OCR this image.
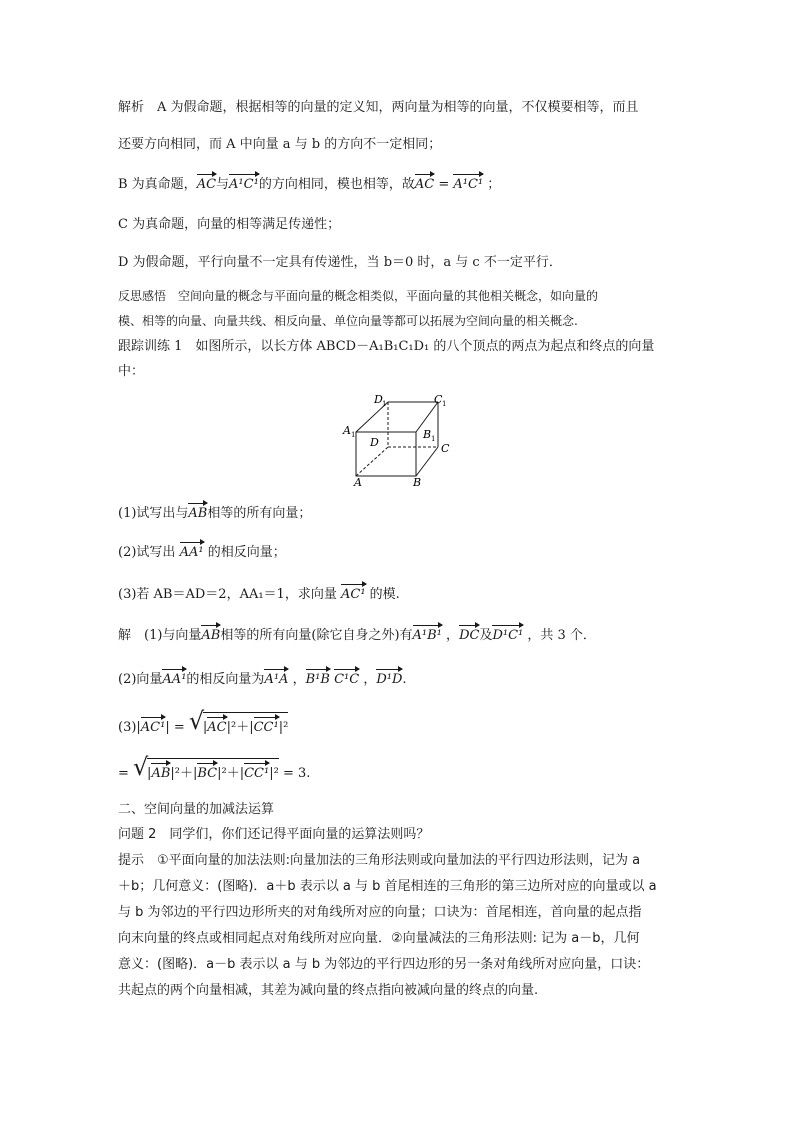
解析　A 为假命题，根据相等的向量的定义知，两向量为相等的向量，不仅模要相等，而且
还要方向相同，而 A 中向量 a 与 b 的方向不一定相同；
B 为真命题，AC与A¹C¹的方向相同，模也相等，故AC = A¹C¹ ；
C 为真命题，向量的相等满足传递性；
D 为假命题，平行向量不一定具有传递性，当 b＝0 时，a 与 c 不一定平行．
反思感悟　空间向量的概念与平面向量的概念相类似，平面向量的其他相关概念，如向量的
模、相等的向量、向量共线、相反向量、单位向量等都可以拓展为空间向量的相关概念.
跟踪训练 1　如图所示，以长方体 ABCD－A₁B₁C₁D₁ 的八个顶点的两点为起点和终点的向量
中：
D 1	C 1
A 1
D
B 1
C
A	B
(1)试写出与AB相等的所有向量；
(2)试写出 AA¹ 的相反向量；
(3)若 AB＝AD＝2，AA₁＝1，求向量 AC¹ 的模.
解　(1)与向量AB相等的所有向量(除它自身之外)有A¹B¹ ，DC及D¹C¹ ，共 3 个．
(2)向量AA¹的相反向量为A¹A ，B¹B C¹C ，D¹D.
(3)|AC¹| = √
|AC|²＋|CC¹|²
= √
|AB|²＋|BC|²＋|CC¹|² = 3.
二、空间向量的加减法运算
问题 2　同学们，你们还记得平面向量的运算法则吗？
提示　①平面向量的加法法则:向量加法的三角形法则或向量加法的平行四边形法则，记为 a
＋b；几何意义：(图略)．a＋b 表示以 a 与 b 首尾相连的三角形的第三边所对应的向量或以 a
与 b 为邻边的平行四边形所夹的对角线所对应的向量；口诀为：首尾相连，首向量的起点指
向末向量的终点或相同起点对角线所对应向量．②向量减法的三角形法则: 记为 a－b，几何
意义：(图略)．a－b 表示以 a 与 b 为邻边的平行四边形的另一条对角线所对应向量，口诀：
共起点的两个向量相减，其差为减向量的终点指向被减向量的终点的向量.
